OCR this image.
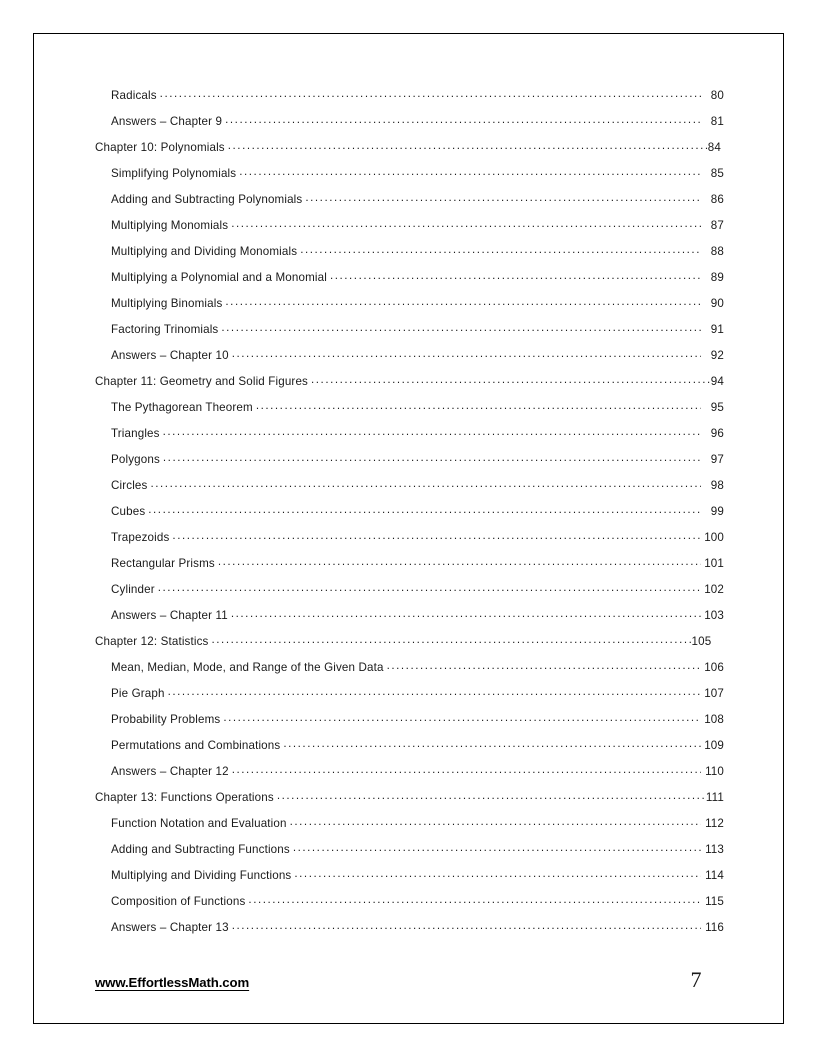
Radicals .....	80
Answers – Chapter 9 .....	81
Chapter 10: Polynomials .....	84
Simplifying Polynomials .....	85
Adding and Subtracting Polynomials .....	86
Multiplying Monomials .....	87
Multiplying and Dividing Monomials .....	88
Multiplying a Polynomial and a Monomial .....	89
Multiplying Binomials .....	90
Factoring Trinomials .....	91
Answers – Chapter 10 .....	92
Chapter 11: Geometry and Solid Figures .....	94
The Pythagorean Theorem .....	95
Triangles .....	96
Polygons .....	97
Circles .....	98
Cubes .....	99
Trapezoids .....	100
Rectangular Prisms .....	101
Cylinder .....	102
Answers – Chapter 11 .....	103
Chapter 12: Statistics .....	105
Mean, Median, Mode, and Range of the Given Data .....	106
Pie Graph .....	107
Probability Problems .....	108
Permutations and Combinations .....	109
Answers – Chapter 12 .....	110
Chapter 13: Functions Operations .....	111
Function Notation and Evaluation .....	112
Adding and Subtracting Functions .....	113
Multiplying and Dividing Functions .....	114
Composition of Functions .....	115
Answers – Chapter 13 .....	116
www.EffortlessMath.com	7
